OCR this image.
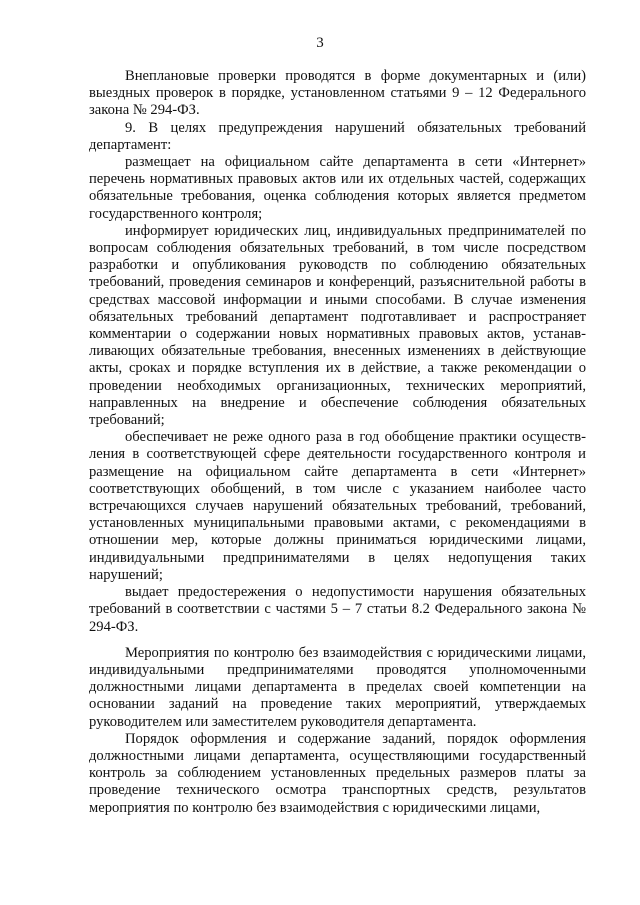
3

Внеплановые проверки проводятся в форме документарных и (или) выездных проверок в порядке, установленном статьями 9 – 12 Федерального закона № 294-ФЗ.

9. В целях предупреждения нарушений обязательных требований департамент:

размещает на официальном сайте департамента в сети «Интернет» перечень нормативных правовых актов или их отдельных частей, содержащих обязательные требования, оценка соблюдения которых является предметом государственного контроля;

информирует юридических лиц, индивидуальных предпринимателей по вопросам соблюдения обязательных требований, в том числе посредством разработки и опубликования руководств по соблюдению обязательных требований, проведения семинаров и конференций, разъяснительной работы в средствах массовой информации и иными способами. В случае изменения обязательных требований департамент подготавливает и распространяет комментарии о содержании новых нормативных правовых актов, устанавливающих обязательные требования, внесенных изменениях в действующие акты, сроках и порядке вступления их в действие, а также рекомендации о проведении необходимых организационных, технических мероприятий, направленных на внедрение и обеспечение соблюдения обязательных требований;

обеспечивает не реже одного раза в год обобщение практики осуществления в соответствующей сфере деятельности государственного контроля и размещение на официальном сайте департамента в сети «Интернет» соответствующих обобщений, в том числе с указанием наиболее часто встречающихся случаев нарушений обязательных требований, требований, установленных муниципальными правовыми актами, с рекомендациями в отношении мер, которые должны приниматься юридическими лицами, индивидуальными предпринимателями в целях недопущения таких нарушений;

выдает предостережения о недопустимости нарушения обязательных требований в соответствии с частями 5 – 7 статьи 8.2 Федерального закона № 294-ФЗ.

Мероприятия по контролю без взаимодействия с юридическими лицами, индивидуальными предпринимателями проводятся уполномоченными должностными лицами департамента в пределах своей компетенции на основании заданий на проведение таких мероприятий, утверждаемых руководителем или заместителем руководителя департамента.

Порядок оформления и содержание заданий, порядок оформления должностными лицами департамента, осуществляющими государственный контроль за соблюдением установленных предельных размеров платы за проведение технического осмотра транспортных средств, результатов мероприятия по контролю без взаимодействия с юридическими лицами,
